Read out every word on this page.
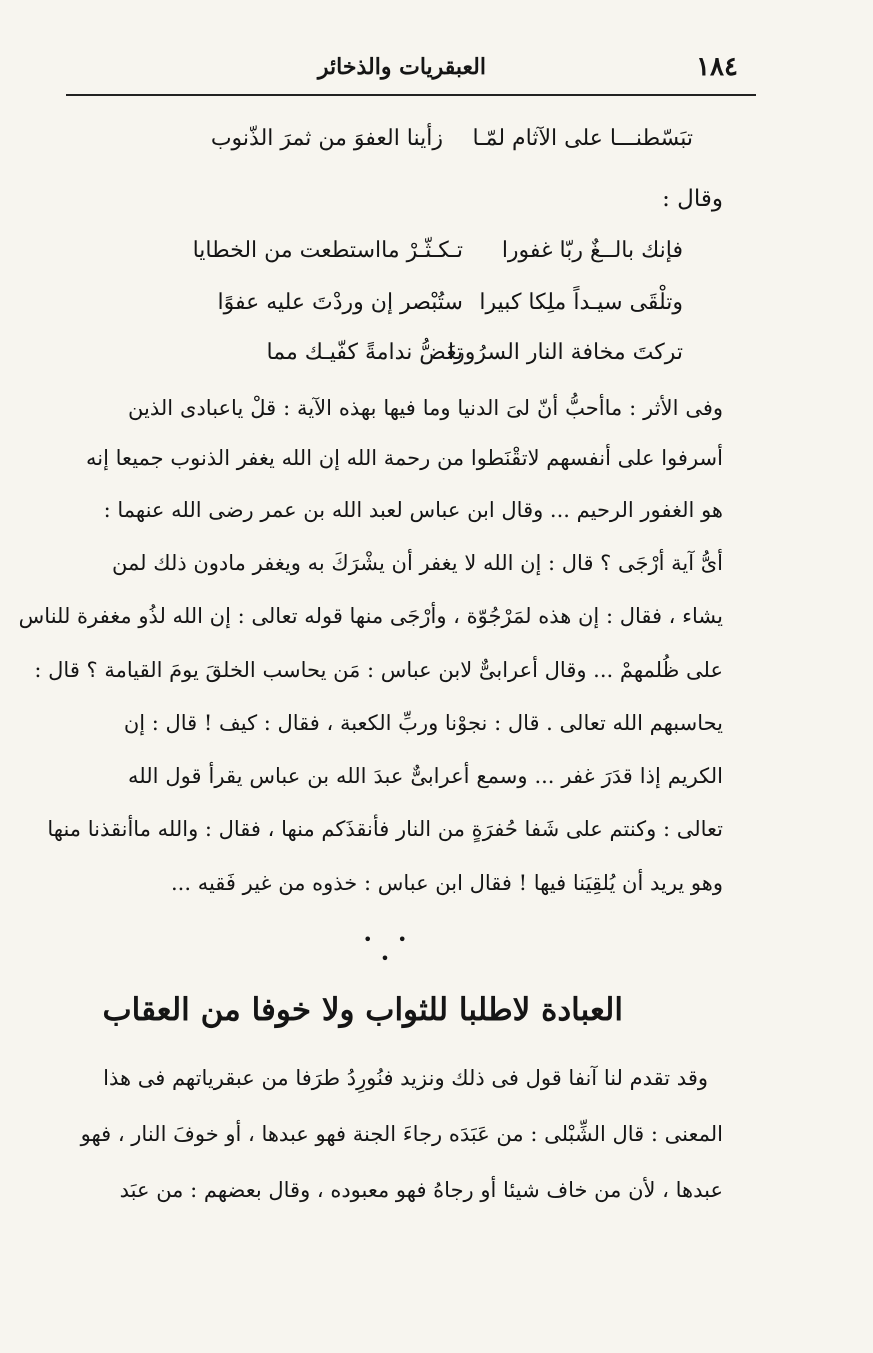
١٨٤
العبقريات والذخائر
زأينا العفوَ من ثمرَ الذّنوب تبَسّطنـــا على الآثام لمّـا
وقال :
تـكـثّـرْ مااستطعت من الخطايا فإنك بالــغٌ ربّا غفورا
ستُبْصر إن وردْتَ عليه عفوًا وتلْقَى سيـداً ملِكا كبيرا
تعَضُّ ندامةً كفّيـك مما
تركتَ مخافة النار السرُورا
وفى الأثر : ماأحبُّ أنّ لىَ الدنيا وما فيها بهذه الآية : قلْ ياعبادى الذين
أسرفوا على أنفسهم لاتقْنَطوا من رحمة الله إن الله يغفر الذنوب جميعا إنه
هو الغفور الرحيم ... وقال ابن عباس لعبد الله بن عمر رضى الله عنهما :
أىُّ آية أرْجَى ؟ قال : إن الله لا يغفر أن يشْرَكَ به ويغفر مادون ذلك لمن
يشاء ، فقال : إن هذه لمَرْجُوّة ، وأرْجَى منها قوله تعالى : إن الله لذُو مغفرة للناس
على ظُلمهمْ ... وقال أعرابىٌّ لابن عباس : مَن يحاسب الخلقَ يومَ القيامة ؟ قال :
يحاسبهم الله تعالى . قال : نجوْنا وربِّ الكعبة ، فقال : كيف ! قال : إن
الكريم إذا قدَرَ غفر ... وسمع أعرابىٌّ عبدَ الله بن عباس يقرأ قول الله
تعالى : وكنتم على شَفا حُفرَةٍ من النار فأنقذَكم منها ، فقال : والله ماأنقذنا منها
وهو يريد أن يُلقِيَنا فيها ! فقال ابن عباس : خذوه من غير فَقيه ...
• • •
العبادة لاطلبا للثواب ولا خوفا من العقاب
وقد تقدم لنا آنفا قول فى ذلك ونزيد فنُورِدُ طرَفا من عبقرياتهم فى هذا
المعنى : قال الشِّبْلى : من عَبَدَه رجاءَ الجنة فهو عبدها ، أو خوفَ النار ، فهو
عبدها ، لأن من خاف شيئا أو رجاهُ فهو معبوده ، وقال بعضهم : من عبَد
